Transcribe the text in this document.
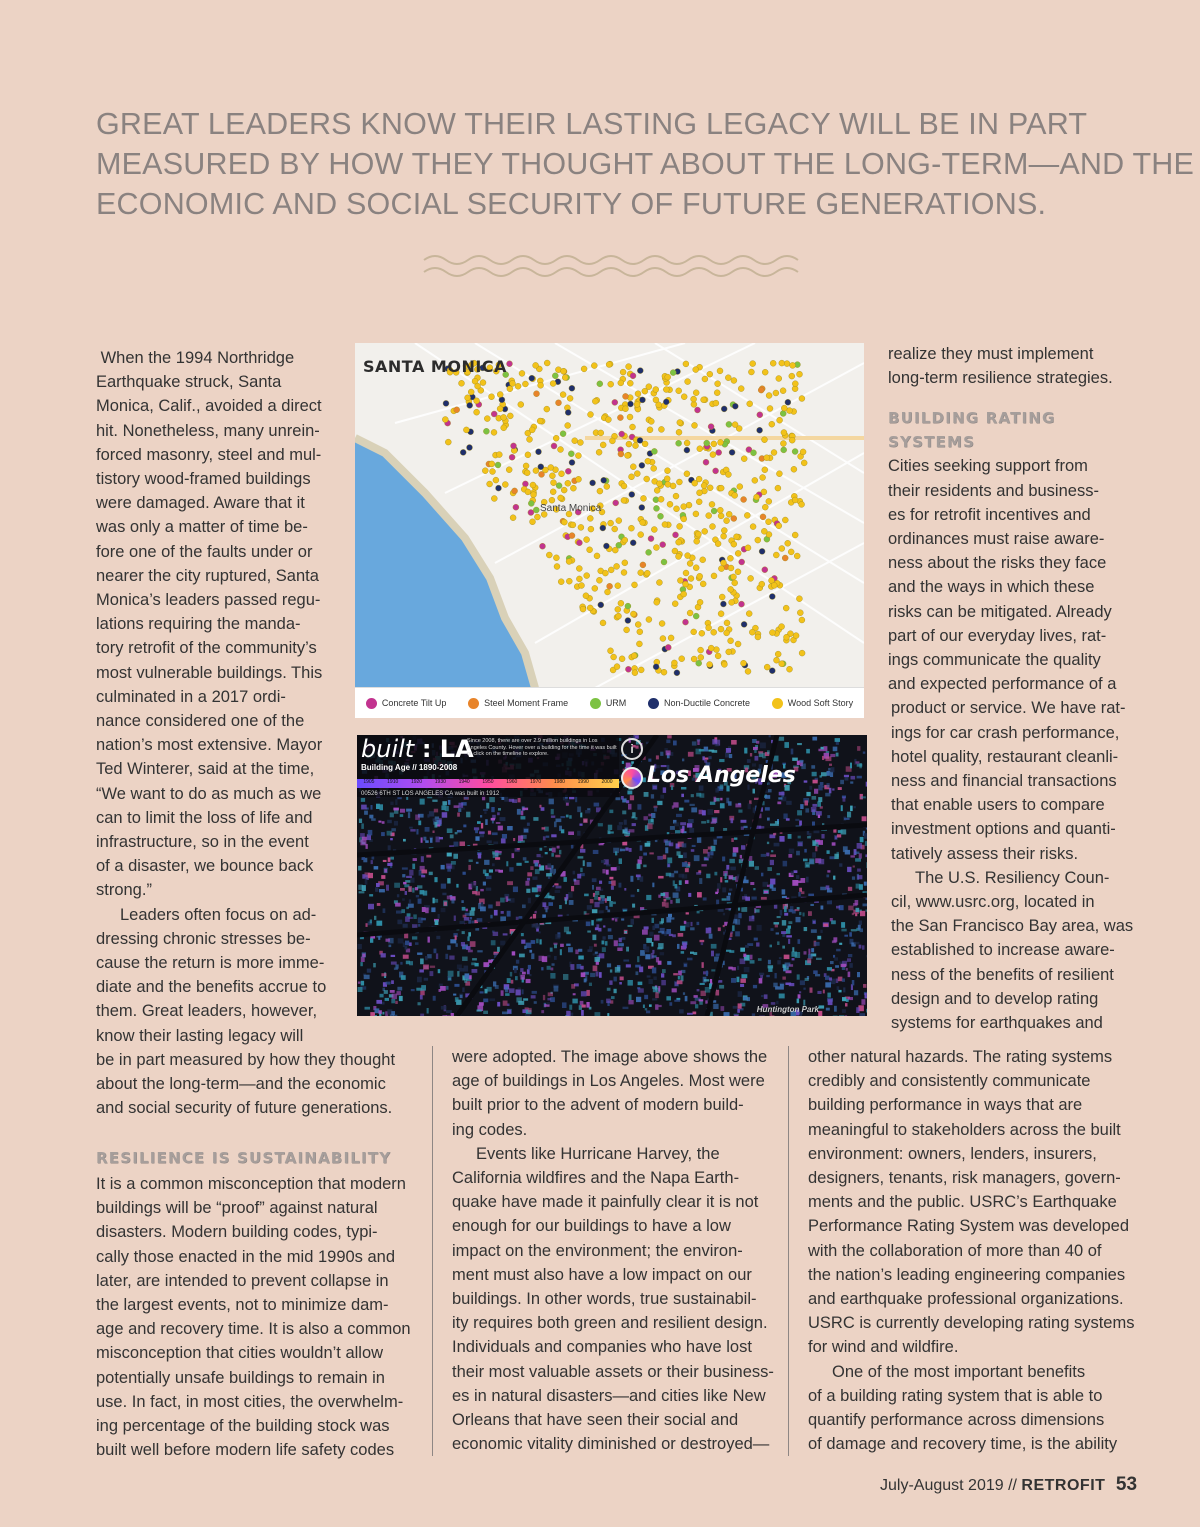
GREAT LEADERS KNOW THEIR LASTING LEGACY WILL BE IN PART
MEASURED BY HOW THEY THOUGHT ABOUT THE LONG-TERM—AND THE
ECONOMIC AND SOCIAL SECURITY OF FUTURE GENERATIONS.

When the 1994 Northridge
Earthquake struck, Santa
Monica, Calif., avoided a direct
hit. Nonetheless, many unrein-
forced masonry, steel and mul-
tistory wood-framed buildings
were damaged. Aware that it
was only a matter of time be-
fore one of the faults under or
nearer the city ruptured, Santa
Monica’s leaders passed regu-
lations requiring the manda-
tory retrofit of the community’s
most vulnerable buildings. This
culminated in a 2017 ordi-
nance considered one of the
nation’s most extensive. Mayor
Ted Winterer, said at the time,
“We want to do as much as we
can to limit the loss of life and
infrastructure, so in the event
of a disaster, we bounce back
strong.”

Leaders often focus on ad-
dressing chronic stresses be-
cause the return is more imme-
diate and the benefits accrue to
them. Great leaders, however,
know their lasting legacy will
be in part measured by how they thought
about the long-term—and the economic
and social security of future generations.

RESILIENCE IS SUSTAINABILITY

It is a common misconception that modern
buildings will be “proof” against natural
disasters. Modern building codes, typi-
cally those enacted in the mid 1990s and
later, are intended to prevent collapse in
the largest events, not to minimize dam-
age and recovery time. It is also a common
misconception that cities wouldn’t allow
potentially unsafe buildings to remain in
use. In fact, in most cities, the overwhelm-
ing percentage of the building stock was
built well before modern life safety codes

were adopted. The image above shows the
age of buildings in Los Angeles. Most were
built prior to the advent of modern build-
ing codes.

Events like Hurricane Harvey, the
California wildfires and the Napa Earth-
quake have made it painfully clear it is not
enough for our buildings to have a low
impact on the environment; the environ-
ment must also have a low impact on our
buildings. In other words, true sustainabil-
ity requires both green and resilient design.
Individuals and companies who have lost
their most valuable assets or their business-
es in natural disasters—and cities like New
Orleans that have seen their social and
economic vitality diminished or destroyed—

realize they must implement
long-term resilience strategies.

BUILDING RATING
SYSTEMS

Cities seeking support from
their residents and business-
es for retrofit incentives and
ordinances must raise aware-
ness about the risks they face
and the ways in which these
risks can be mitigated. Already
part of our everyday lives, rat-
ings communicate the quality
and expected performance of a
product or service. We have rat-
ings for car crash performance,
hotel quality, restaurant cleanli-
ness and financial transactions
that enable users to compare
investment options and quanti-
tatively assess their risks.

The U.S. Resiliency Coun-
cil, www.usrc.org, located in
the San Francisco Bay area, was
established to increase aware-
ness of the benefits of resilient
design and to develop rating
systems for earthquakes and

other natural hazards. The rating systems
credibly and consistently communicate
building performance in ways that are
meaningful to stakeholders across the built
environment: owners, lenders, insurers,
designers, tenants, risk managers, govern-
ments and the public. USRC’s Earthquake
Performance Rating System was developed
with the collaboration of more than 40 of
the nation’s leading engineering companies
and earthquake professional organizations.
USRC is currently developing rating systems
for wind and wildfire.

One of the most important benefits
of a building rating system that is able to
quantify performance across dimensions
of damage and recovery time, is the ability

SANTA MONICA
Santa Monica
Concrete Tilt Up	Steel Moment Frame	URM	Non-Ductile Concrete	Wood Soft Story
built : LA
Building Age // 1890-2008
Since 2008, there are over 2.9 million buildings in Los Angeles County. Hover over a building for the time it was built or click on the timeline to explore.
1905	1910	1920	1930	1940	1950	1960	1970	1980	1990	2000
00526 6TH ST LOS ANGELES CA was built in 1912
i
Los Angeles
Huntington Park
July-August 2019 // RETROFIT 53
